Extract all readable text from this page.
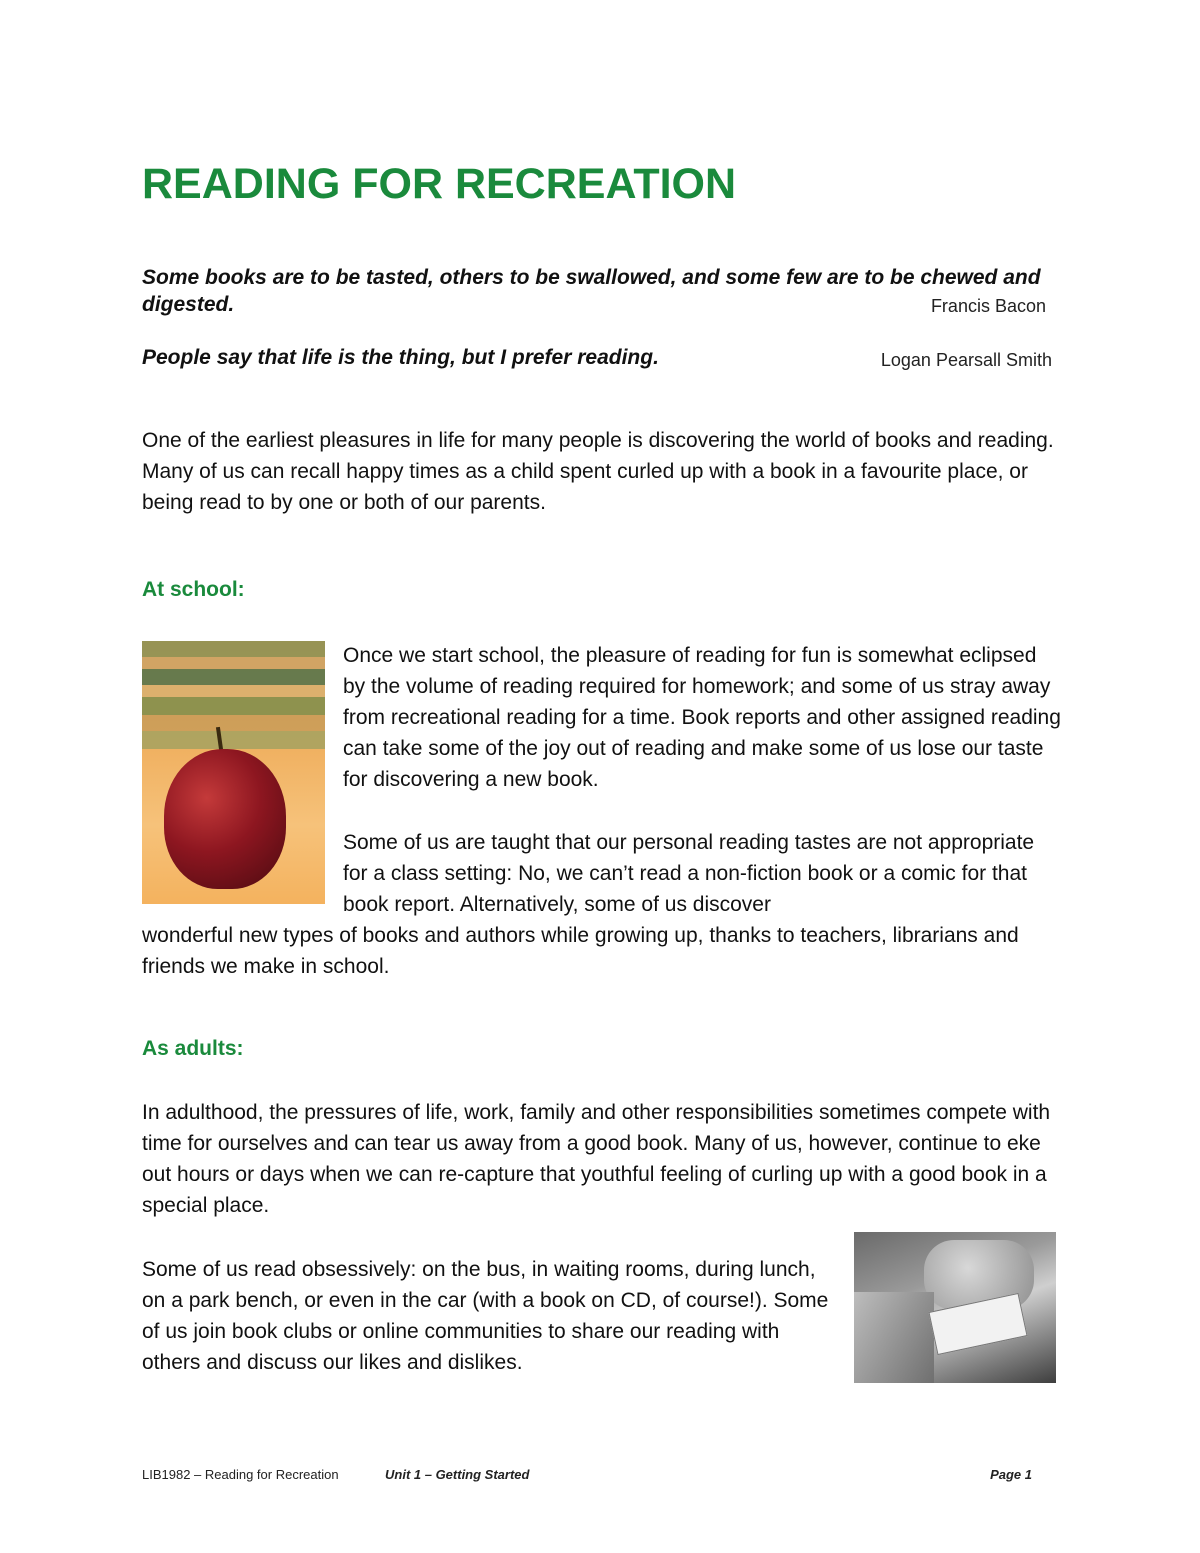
READING FOR RECREATION
Some books are to be tasted, others to be swallowed, and some few are to be chewed and digested.	Francis Bacon
People say that life is the thing, but I prefer reading.	Logan Pearsall Smith

One of the earliest pleasures in life for many people is discovering the world of books and reading. Many of us can recall happy times as a child spent curled up with a book in a favourite place, or being read to by one or both of our parents.

At school:

Once we start school, the pleasure of reading for fun is somewhat eclipsed by the volume of reading required for homework; and some of us stray away from recreational reading for a time. Book reports and other assigned reading can take some of the joy out of reading and make some of us lose our taste for discovering a new book.

Some of us are taught that our personal reading tastes are not appropriate for a class setting: No, we can’t read a non-fiction book or a comic for that book report. Alternatively, some of us discover

wonderful new types of books and authors while growing up, thanks to teachers, librarians and friends we make in school.

As adults:

In adulthood, the pressures of life, work, family and other responsibilities sometimes compete with time for ourselves and can tear us away from a good book. Many of us, however, continue to eke out hours or days when we can re-capture that youthful feeling of curling up with a good book in a special place.

Some of us read obsessively: on the bus, in waiting rooms, during lunch, on a park bench, or even in the car (with a book on CD, of course!). Some of us join book clubs or online communities to share our reading with others and discuss our likes and dislikes.

LIB1982 – Reading for Recreation	Unit 1 – Getting Started	Page 1
